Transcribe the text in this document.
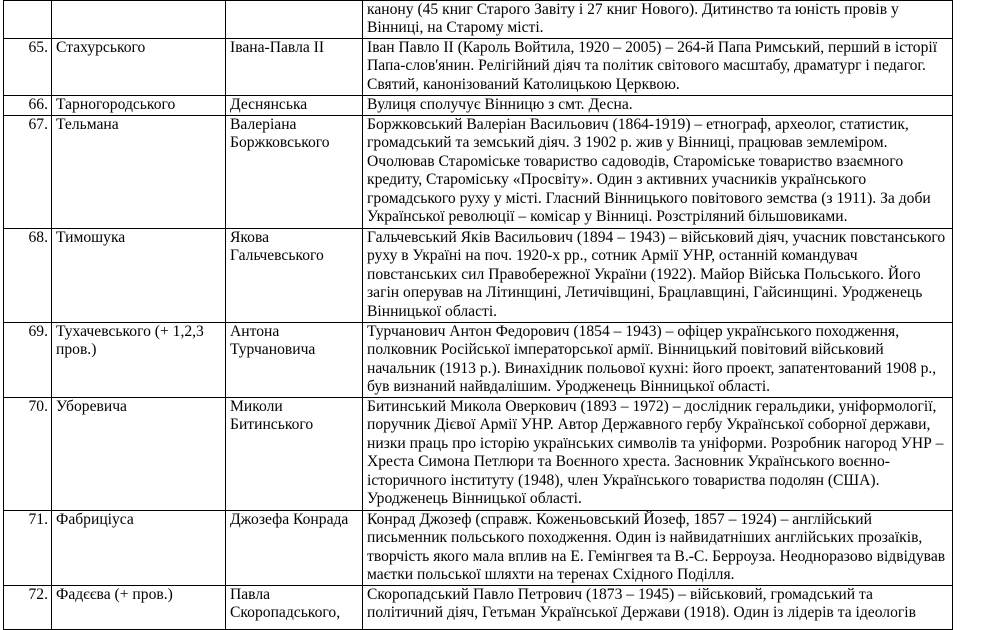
			канону (45 книг Старого Завіту і 27 книг Нового). Дитинство та юність провів у Вінниці, на Старому місті.
65.	Стахурського	Івана-Павла ІІ	Іван Павло ІІ (Кароль Войтила, 1920 – 2005) – 264-й Папа Римський, перший в історії Папа-слов'янин. Релігійний діяч та політик світового масштабу, драматург і педагог. Святий, канонізований Католицькою Церквою.
66.	Тарногородського	Деснянська	Вулиця сполучує Вінницю з смт. Десна.
67.	Тельмана	Валеріана Боржковського	Боржковський Валеріан Васильович (1864-1919) – етнограф, археолог, статистик, громадський та земський діяч. З 1902 р. жив у Вінниці, працював землеміром. Очолював Старомiське товариство садоводів, Старомiське товариство взаємного кредиту, Старомiську «Просвіту». Один з активних учасників українського громадського руху у місті. Гласний Вінницького повітового земства (з 1911). За доби Української революції – комісар у Вінниці. Розстріляний більшовиками.
68.	Тимошука	Якова Гальчевського	Гальчевський Яків Васильович (1894 – 1943) – військовий діяч, учасник повстанського руху в Україні на поч. 1920-х рр., сотник Армії УНР, останній командувач повстанських сил Правобережної України (1922). Майор Війська Польського. Його загін оперував на Літинщині, Летичівщині, Брацлавщині, Гайсинщині. Уродженець Вінницької області.
69.	Тухачевського (+ 1,2,3 пров.)	Антона Турчановича	Турчанович Антон Федорович (1854 – 1943) – офіцер українського походження, полковник Російської імператорської армії. Вінницький повітовий військовий начальник (1913 р.). Винахідник польової кухні: його проект, запатентований 1908 р., був визнаний найвдалішим. Уродженець Вінницької області.
70.	Уборевича	Миколи Битинського	Битинський Микола Оверкович (1893 – 1972) – дослідник геральдики, уніформології, поручник Дієвої Армії УНР. Автор Державного гербу Української соборної держави, низки праць про історію українських символів та уніформи. Розробник нагород УНР – Хреста Симона Петлюри та Воєнного хреста. Засновник Українського воєнно-історичного інституту (1948), член Українського товариства подолян (США). Уродженець Вінницької області.
71.	Фабриціуса	Джозефа Конрада	Конрад Джозеф (справж. Коженьовський Йозеф, 1857 – 1924) – англійський письменник польського походження. Один із найвидатніших англійських прозаїків, творчість якого мала вплив на Е. Гемінгвея та В.-С. Берроуза. Неодноразово відвідував маєтки польської шляхти на теренах Східного Поділля.
72.	Фадєєва (+ пров.)	Павла Скоропадського,	Скоропадський Павло Петрович (1873 – 1945) – військовий, громадський та політичний діяч, Гетьман Української Держави (1918). Один із лідерів та ідеологів
